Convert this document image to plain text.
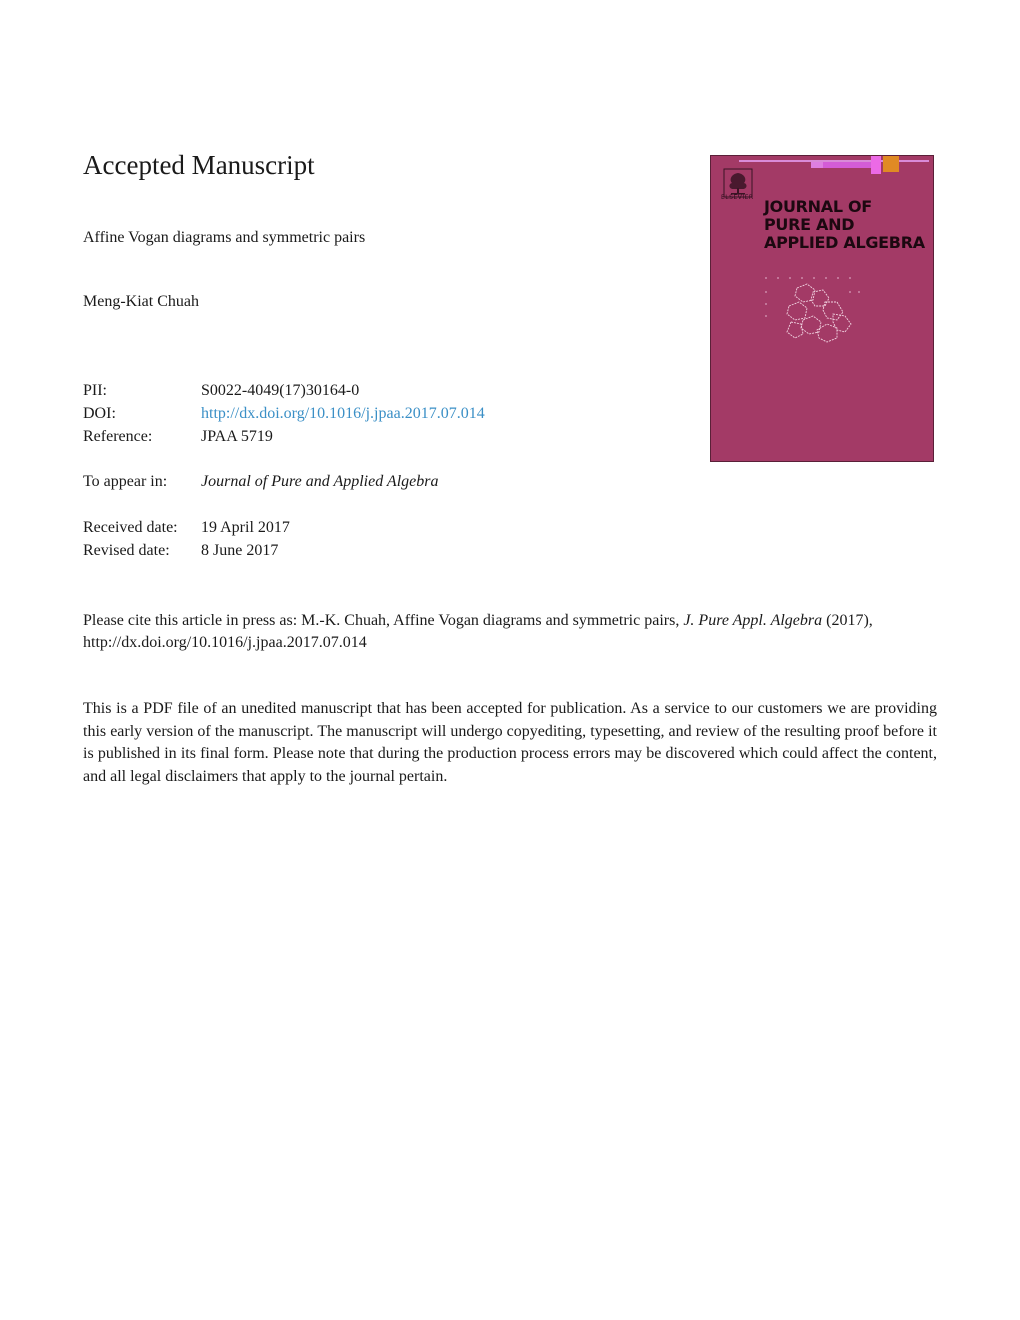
Accepted Manuscript
Affine Vogan diagrams and symmetric pairs
Meng-Kiat Chuah
PII:	S0022-4049(17)30164-0
DOI:	http://dx.doi.org/10.1016/j.jpaa.2017.07.014
Reference:	JPAA 5719
To appear in: Journal of Pure and Applied Algebra
Received date: 19 April 2017
Revised date: 8 June 2017
Please cite this article in press as: M.-K. Chuah, Affine Vogan diagrams and symmetric pairs, J. Pure Appl. Algebra (2017),
http://dx.doi.org/10.1016/j.jpaa.2017.07.014
This is a PDF file of an unedited manuscript that has been accepted for publication. As a service to our customers we are providing this early version of the manuscript. The manuscript will undergo copyediting, typesetting, and review of the resulting proof before it is published in its final form. Please note that during the production process errors may be discovered which could affect the content, and all legal disclaimers that apply to the journal pertain.
ELSEVIER JOURNAL OF
PURE AND
APPLIED ALGEBRA
